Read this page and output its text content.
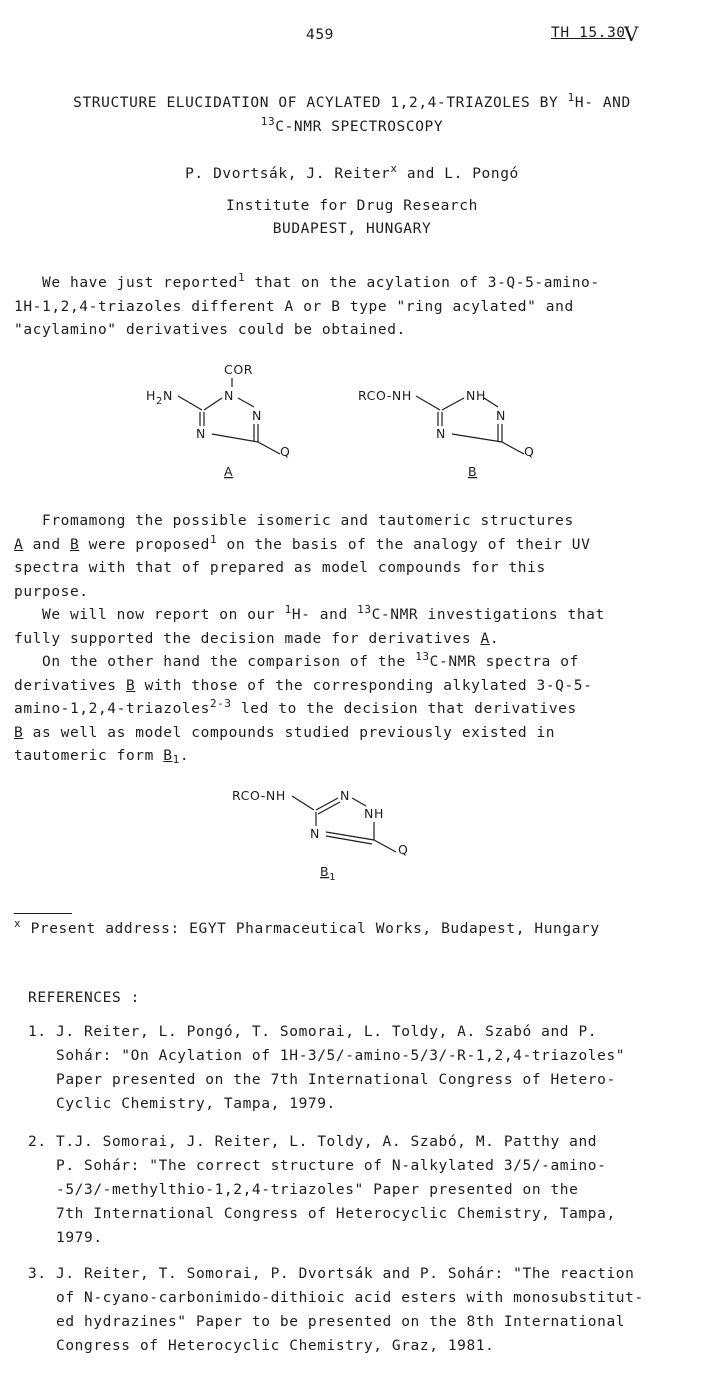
459	TH 15.30
V
STRUCTURE ELUCIDATION OF ACYLATED 1,2,4-TRIAZOLES BY $^1$H- AND
$^{13}$C-NMR SPECTROSCOPY
P. Dvortsák, J. Reiter$^x$ and L. Pongó
Institute for Drug Research
BUDAPEST, HUNGARY
We have just reported$^1$ that on the acylation of 3-Q-5-amino-
1H-1,2,4-triazoles different A or B type "ring acylated" and
"acylamino" derivatives could be obtained.
COR
$H_2N$	N
N
N
Q
A
RCO-NH	NH
N
N
Q
B
Fromamong the possible isomeric and tautomeric structures
A and B were proposed$^1$ on the basis of the analogy of their UV
spectra with that of prepared as model compounds for this
purpose.
We will now report on our $^1$H- and $^{13}$C-NMR investigations that
fully supported the decision made for derivatives A.
On the other hand the comparison of the $^{13}$C-NMR spectra of
derivatives B with those of the corresponding alkylated 3-Q-5-
amino-1,2,4-triazoles$^{2-3}$ led to the decision that derivatives
B as well as model compounds studied previously existed in
tautomeric form $B_1$.
RCO-NH	N
NH
N
Q
$B_1$
$^x$ Present address: EGYT Pharmaceutical Works, Budapest, Hungary
REFERENCES :
1. J. Reiter, L. Pongó, T. Somorai, L. Toldy, A. Szabó and P.
Sohár: "On Acylation of 1H-3/5/-amino-5/3/-R-1,2,4-triazoles"
Paper presented on the 7th International Congress of Hetero-
Cyclic Chemistry, Tampa, 1979.
2. T.J. Somorai, J. Reiter, L. Toldy, A. Szabó, M. Patthy and
P. Sohár: "The correct structure of N-alkylated 3/5/-amino-
-5/3/-methylthio-1,2,4-triazoles" Paper presented on the
7th International Congress of Heterocyclic Chemistry, Tampa,
1979.
3. J. Reiter, T. Somorai, P. Dvortsák and P. Sohár: "The reaction
of N-cyano-carbonimido-dithioic acid esters with monosubstitut-
ed hydrazines" Paper to be presented on the 8th International
Congress of Heterocyclic Chemistry, Graz, 1981.
